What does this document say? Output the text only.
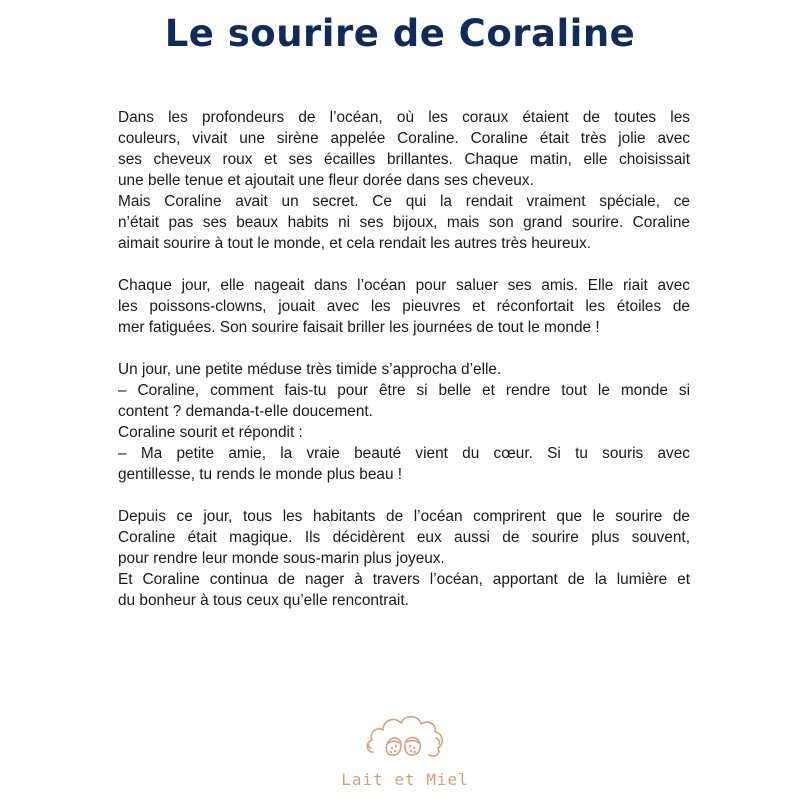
Le sourire de Coraline

Dans les profondeurs de l’océan, où les coraux étaient de toutes les
couleurs, vivait une sirène appelée Coraline. Coraline était très jolie avec
ses cheveux roux et ses écailles brillantes. Chaque matin, elle choisissait
une belle tenue et ajoutait une fleur dorée dans ses cheveux.
Mais Coraline avait un secret. Ce qui la rendait vraiment spéciale, ce
n’était pas ses beaux habits ni ses bijoux, mais son grand sourire. Coraline
aimait sourire à tout le monde, et cela rendait les autres très heureux.

Chaque jour, elle nageait dans l’océan pour saluer ses amis. Elle riait avec
les poissons-clowns, jouait avec les pieuvres et réconfortait les étoiles de
mer fatiguées. Son sourire faisait briller les journées de tout le monde !

Un jour, une petite méduse très timide s’approcha d’elle.
– Coraline, comment fais-tu pour être si belle et rendre tout le monde si
content ? demanda-t-elle doucement.
Coraline sourit et répondit :
– Ma petite amie, la vraie beauté vient du cœur. Si tu souris avec
gentillesse, tu rends le monde plus beau !

Depuis ce jour, tous les habitants de l’océan comprirent que le sourire de
Coraline était magique. Ils décidèrent eux aussi de sourire plus souvent,
pour rendre leur monde sous-marin plus joyeux.
Et Coraline continua de nager à travers l’océan, apportant de la lumière et
du bonheur à tous ceux qu’elle rencontrait.

Lait et Miel
